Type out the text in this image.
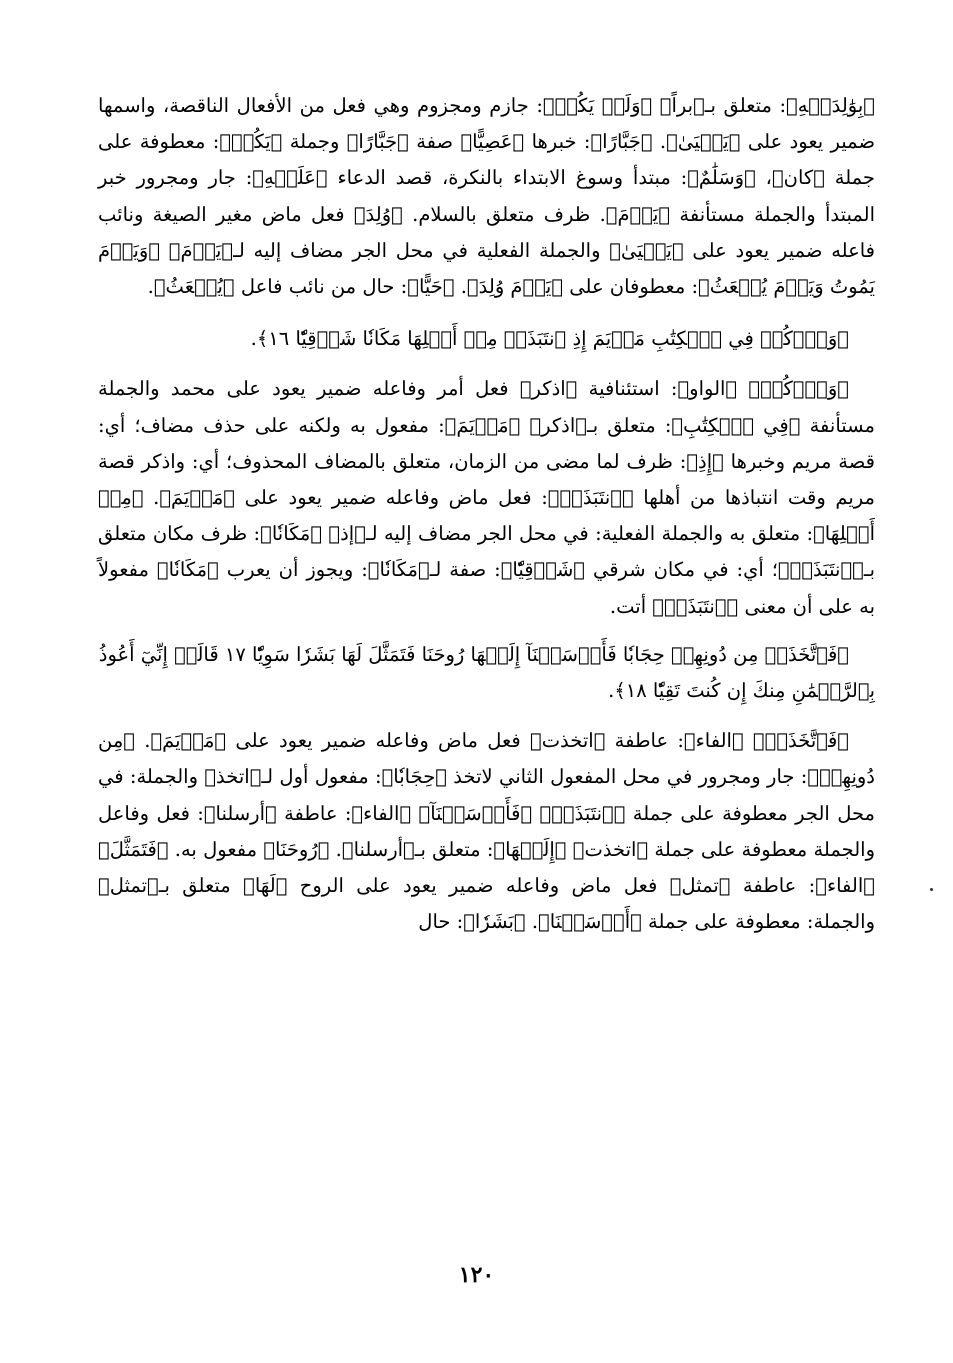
﴿بِوَٰلِدَيۡهِ﴾: متعلق بـ﴿براً﴾ ﴿وَلَمۡ يَكُنۢ﴾: جازم ومجزوم وهي فعل من الأفعال الناقصة، واسمها ضمير يعود على ﴿يَحۡيَىٰ﴾. ﴿جَبَّارًا﴾: خبرها ﴿عَصِيًّا﴾ صفة ﴿جَبَّارًا﴾ وجملة ﴿يَكُنۢ﴾: معطوفة على جملة ﴿كان﴾، ﴿وَسَلَٰمٌ﴾: مبتدأ وسوغ الابتداء بالنكرة، قصد الدعاء ﴿عَلَيۡهِ﴾: جار ومجرور خبر المبتدأ والجملة مستأنفة ﴿يَوۡمَ﴾. ظرف متعلق بالسلام. ﴿وُلِدَ﴾ فعل ماض مغير الصيغة ونائب فاعله ضمير يعود على ﴿يَحۡيَىٰ﴾ والجملة الفعلية في محل الجر مضاف إليه لـ﴿يَوۡمَ﴾ ﴿وَيَوۡمَ يَمُوتُ وَيَوۡمَ يُبۡعَثُ﴾: معطوفان على ﴿يَوۡمَ وُلِدَ﴾. ﴿حَيًّا﴾: حال من نائب فاعل ﴿يُبۡعَثُ﴾.

﴿وَٱذۡكُرۡ فِي ٱلۡكِتَٰبِ مَرۡيَمَ إِذِ ٱنتَبَذَتۡ مِنۡ أَهۡلِهَا مَكَانٗا شَرۡقِيّٗا ١٦﴾.

﴿وَٱذۡكُرۡ﴾ ﴿الواو﴾: استئنافية ﴿اذكر﴾ فعل أمر وفاعله ضمير يعود على محمد والجملة مستأنفة ﴿فِي ٱلۡكِتَٰبِ﴾: متعلق بـ﴿اذكر﴾ ﴿مَرۡيَمَ﴾: مفعول به ولكنه على حذف مضاف؛ أي: قصة مريم وخبرها ﴿إِذِ﴾: ظرف لما مضى من الزمان، متعلق بالمضاف المحذوف؛ أي: واذكر قصة مريم وقت انتباذها من أهلها ﴿ٱنتَبَذَتۡ﴾: فعل ماض وفاعله ضمير يعود على ﴿مَرۡيَمَ﴾. ﴿مِنۡ أَهۡلِهَا﴾: متعلق به والجملة الفعلية: في محل الجر مضاف إليه لـ﴿إذ﴾ ﴿مَكَانٗا﴾: ظرف مكان متعلق بـ﴿ٱنتَبَذَتۡ﴾؛ أي: في مكان شرقي ﴿شَرۡقِيّٗا﴾: صفة لـ﴿مَكَانٗا﴾: ويجوز أن يعرب ﴿مَكَانٗا﴾ مفعولاً به على أن معنى ﴿ٱنتَبَذَتۡ﴾ أتت.

﴿فَٱتَّخَذَتۡ مِن دُونِهِمۡ حِجَابٗا فَأَرۡسَلۡنَآ إِلَيۡهَا رُوحَنَا فَتَمَثَّلَ لَهَا بَشَرٗا سَوِيّٗا ١٧ قَالَتۡ إِنِّيٓ أَعُوذُ بِٱلرَّحۡمَٰنِ مِنكَ إِن كُنتَ تَقِيّٗا ١٨﴾.

﴿فَٱتَّخَذَتۡ﴾ ﴿الفاء﴾: عاطفة ﴿اتخذت﴾ فعل ماض وفاعله ضمير يعود على ﴿مَرۡيَمَ﴾. ﴿مِن دُونِهِمۡ﴾: جار ومجرور في محل المفعول الثاني لاتخذ ﴿حِجَابٗا﴾: مفعول أول لـ﴿اتخذ﴾ والجملة: في محل الجر معطوفة على جملة ﴿ٱنتَبَذَتۡ﴾ ﴿فَأَرۡسَلۡنَآ﴾ ﴿الفاء﴾: عاطفة ﴿أرسلنا﴾: فعل وفاعل والجملة معطوفة على جملة ﴿اتخذت﴾ ﴿إِلَيۡهَا﴾: متعلق بـ﴿أرسلنا﴾. ﴿رُوحَنَا﴾ مفعول به. ﴿فَتَمَثَّلَ﴾ ﴿الفاء﴾: عاطفة ﴿تمثل﴾ فعل ماض وفاعله ضمير يعود على الروح ﴿لَهَا﴾ متعلق بـ﴿تمثل﴾ والجملة: معطوفة على جملة ﴿أَرۡسَلۡنَا﴾. ﴿بَشَرٗا﴾: حال

١٢٠
